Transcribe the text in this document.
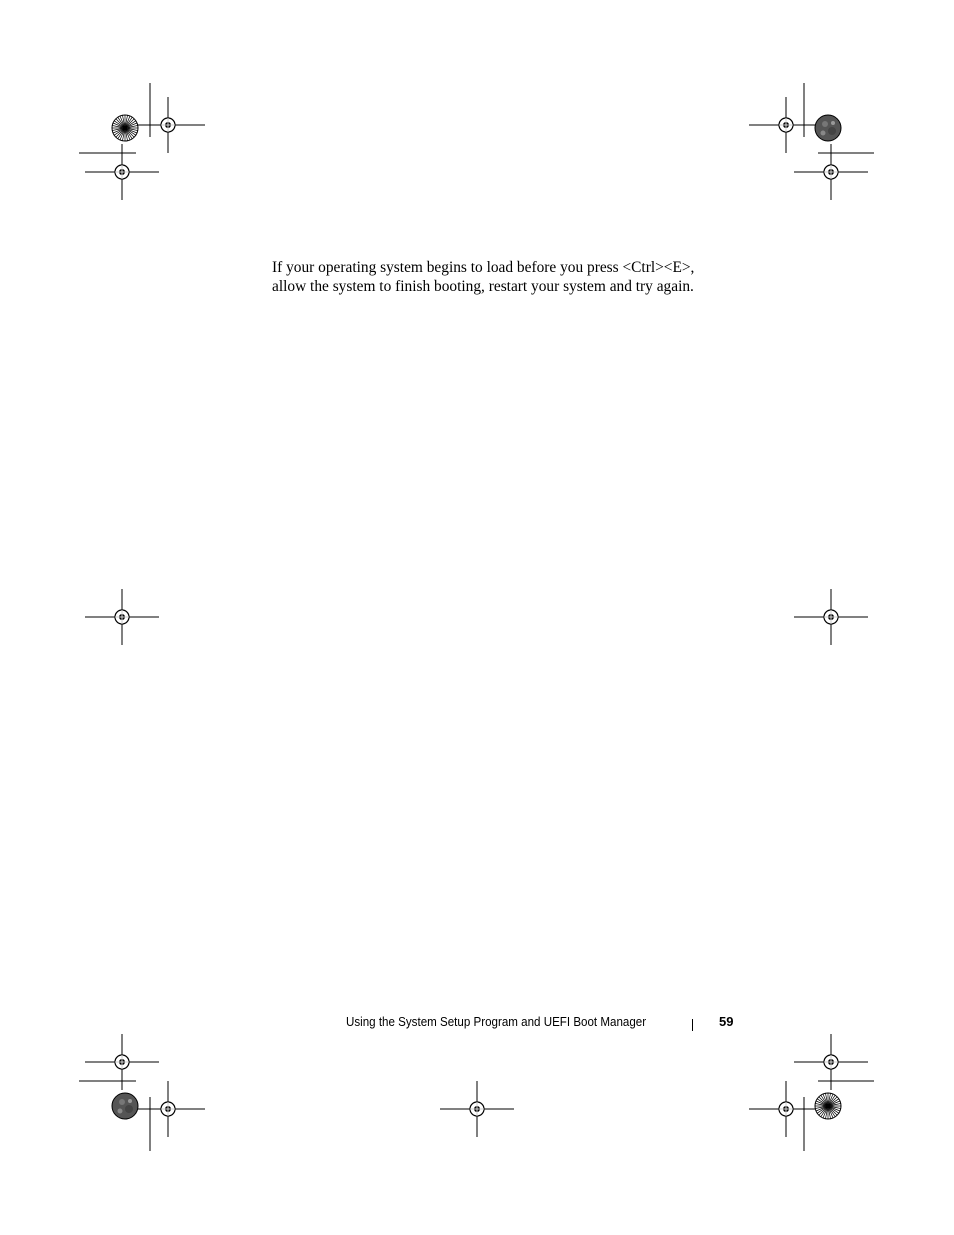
If your operating system begins to load before you press <Ctrl><E>,
allow the system to finish booting, restart your system and try again.

Using the System Setup Program and UEFI Boot Manager	59
